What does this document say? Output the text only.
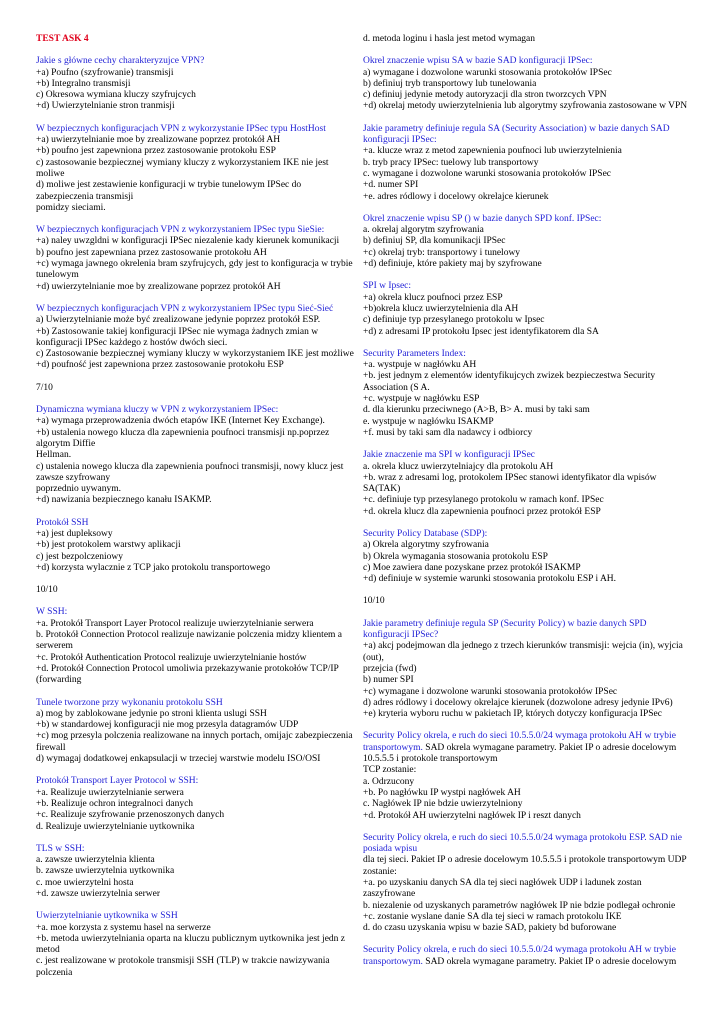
TEST ASK 4
Jakie s główne cechy charakteryzujce VPN?
+a) Poufno (szyfrowanie) transmisji
+b) Integralno transmisji
c) Okresowa wymiana kluczy szyfrujcych
+d) Uwierzytelnianie stron tranmisji
W bezpiecznych konfiguracjach VPN z wykorzystanie IPSec typu HostHost
+a) uwierzytelnianie moe by zrealizowane poprzez protokół AH
+b) poufno jest zapewniona przez zastosowanie protokołu ESP
c) zastosowanie bezpiecznej wymiany kluczy z wykorzystaniem IKE nie jest moliwe
d) moliwe jest zestawienie konfiguracji w trybie tunelowym IPSec do zabezpieczenia transmisji
pomidzy sieciami.
W bezpiecznych konfiguracjach VPN z wykorzystaniem IPSec typu SieSie:
+a) naley uwzgldni w konfiguracji IPSec niezalenie kady kierunek komunikacji
b) poufno jest zapewniana przez zastosowanie protokołu AH
+c) wymaga jawnego okrelenia bram szyfrujcych, gdy jest to konfiguracja w trybie tunelowym
+d) uwierzytelnianie moe by zrealizowane poprzez protokół AH
W bezpiecznych konfiguracjach VPN z wykorzystaniem IPSec typu Sieć-Sieć
a) Uwierzytelnianie może być zrealizowane jedynie poprzez protokół ESP.
+b) Zastosowanie takiej konfiguracji IPSec nie wymaga żadnych zmian w konfiguracji IPSec każdego z hostów dwóch sieci.
c) Zastosowanie bezpiecznej wymiany kluczy w wykorzystaniem IKE jest możliwe
+d) poufność jest zapewniona przez zastosowanie protokołu ESP
7/10
Dynamiczna wymiana kluczy w VPN z wykorzystaniem IPSec:
+a) wymaga przeprowadzenia dwóch etapów IKE (Internet Key Exchange).
+b) ustalenia nowego klucza dla zapewnienia poufnoci transmisji np.poprzez algorytm Diffie
Hellman.
c) ustalenia nowego klucza dla zapewnienia poufnoci transmisji, nowy klucz jest zawsze szyfrowany
poprzednio uywanym.
+d) nawizania bezpiecznego kanału ISAKMP.
Protokół SSH
+a) jest dupleksowy
+b) jest protokolem warstwy aplikacji
c) jest bezpolczeniowy
+d) korzysta wylacznie z TCP jako protokolu transportowego
10/10
W SSH:
+a. Protokół Transport Layer Protocol realizuje uwierzytelnianie serwera
b. Protokół Connection Protocol realizuje nawizanie polczenia midzy klientem a serwerem
+c. Protokół Authentication Protocol realizuje uwierzytelnianie hostów
+d. Protokół Connection Protocol umoliwia przekazywanie protokołów TCP/IP (forwarding
Tunele tworzone przy wykonaniu protokolu SSH
a) mog by zablokowane jedynie po stroni klienta uslugi SSH
+b) w standardowej konfiguracji nie mog przesyla datagramów UDP
+c) mog przesyla polczenia realizowane na innych portach, omijajc zabezpieczenia firewall
d) wymagaj dodatkowej enkapsulacji w trzeciej warstwie modelu ISO/OSI
Protokół Transport Layer Protocol w SSH:
+a. Realizuje uwierzytelnianie serwera
+b. Realizuje ochron integralnoci danych
+c. Realizuje szyfrowanie przenoszonych danych
d. Realizuje uwierzytelnianie uytkownika
TLS w SSH:
a. zawsze uwierzytelnia klienta
b. zawsze uwierzytelnia uytkownika
c. moe uwierzytelni hosta
+d. zawsze uwierzytelnia serwer
Uwierzytelnianie uytkownika w SSH
+a. moe korzysta z systemu hasel na serwerze
+b. metoda uwierzytelniania oparta na kluczu publicznym uytkownika jest jedn z metod
c. jest realizowane w protokole transmisji SSH (TLP) w trakcie nawizywania polczenia
d. metoda loginu i hasla jest metod wymagan
Okrel znaczenie wpisu SA w bazie SAD konfiguracji IPSec:
a) wymagane i dozwolone warunki stosowania protokołów IPSec
b) definiuj tryb transportowy lub tunelowania
c) definiuj jedynie metody autoryzacji dla stron tworzcych VPN
+d) okrelaj metody uwierzytelnienia lub algorytmy szyfrowania zastosowane w VPN
Jakie parametry definiuje regula SA (Security Association) w bazie danych SAD konfiguracji IPSec:
+a. klucze wraz z metod zapewnienia poufnoci lub uwierzytelnienia
b. tryb pracy IPSec: tuelowy lub transportowy
c. wymagane i dozwolone warunki stosowania protokołów IPSec
+d. numer SPI
+e. adres ródlowy i docelowy okrelajce kierunek
Okrel znaczenie wpisu SP () w bazie danych SPD konf. IPSec:
a. okrelaj algorytm szyfrowania
b) definiuj SP, dla komunikacji IPSec
+c) okrelaj tryb: transportowy i tunelowy
+d) definiuje, które pakiety maj by szyfrowane
SPI w Ipsec:
+a) okrela klucz poufnoci przez ESP
+b)okrela klucz uwierzytelnienia dla AH
c) definiuje typ przesylanego protokolu w Ipsec
+d) z adresami IP protokołu Ipsec jest identyfikatorem dla SA
Security Parameters Index:
+a. wystpuje w nagłówku AH
+b. jest jednym z elementów identyfikujcych zwizek bezpieczestwa Security Association (S A.
+c. wystpuje w nagłówku ESP
d. dla kierunku przeciwnego (A>B, B> A. musi by taki sam
e. wystpuje w nagłówku ISAKMP
+f. musi by taki sam dla nadawcy i odbiorcy
Jakie znaczenie ma SPI w konfiguracji IPSec
a. okrela klucz uwierzytelniajcy dla protokolu AH
+b. wraz z adresami log, protokolem IPSec stanowi identyfikator dla wpisów SA(TAK)
+c. definiuje typ przesylanego protokolu w ramach konf. IPSec
+d. okrela klucz dla zapewnienia poufnoci przez protokół ESP
Security Policy Database (SDP):
a) Okrela algorytmy szyfrowania
b) Okrela wymagania stosowania protokolu ESP
c) Moe zawiera dane pozyskane przez protokół ISAKMP
+d) definiuje w systemie warunki stosowania protokolu ESP i AH.
10/10
Jakie parametry definiuje regula SP (Security Policy) w bazie danych SPD konfiguracji IPSec?
+a) akcj podejmowan dla jednego z trzech kierunków transmisji: wejcia (in), wyjcia (out),
przejcia (fwd)
b) numer SPI
+c) wymagane i dozwolone warunki stosowania protokołów IPSec
d) adres ródlowy i docelowy okrelajce kierunek (dozwolone adresy jedynie IPv6)
+e) kryteria wyboru ruchu w pakietach IP, których dotyczy konfiguracja IPSec
Security Policy okrela, e ruch do sieci 10.5.5.0/24 wymaga protokołu AH w trybie transportowym. SAD okrela wymagane parametry. Pakiet IP o adresie docelowym
10.5.5.5 i protokole transportowym
TCP zostanie:
a. Odrzucony
+b. Po nagłówku IP wystpi nagłówek AH
c. Nagłówek IP nie bdzie uwierzytelniony
+d. Protokół AH uwierzytelni nagłówek IP i reszt danych
Security Policy okrela, e ruch do sieci 10.5.5.0/24 wymaga protokołu ESP. SAD nie posiada wpisu
dla tej sieci. Pakiet IP o adresie docelowym 10.5.5.5 i protokole transportowym UDP zostanie:
+a. po uzyskaniu danych SA dla tej sieci nagłówek UDP i ladunek zostan zaszyfrowane
b. niezalenie od uzyskanych parametrów nagłówek IP nie bdzie podlegał ochronie
+c. zostanie wyslane danie SA dla tej sieci w ramach protokolu IKE
d. do czasu uzyskania wpisu w bazie SAD, pakiety bd buforowane
Security Policy okrela, e ruch do sieci 10.5.5.0/24 wymaga protokołu AH w trybie transportowym. SAD okrela wymagane parametry. Pakiet IP o adresie docelowym
